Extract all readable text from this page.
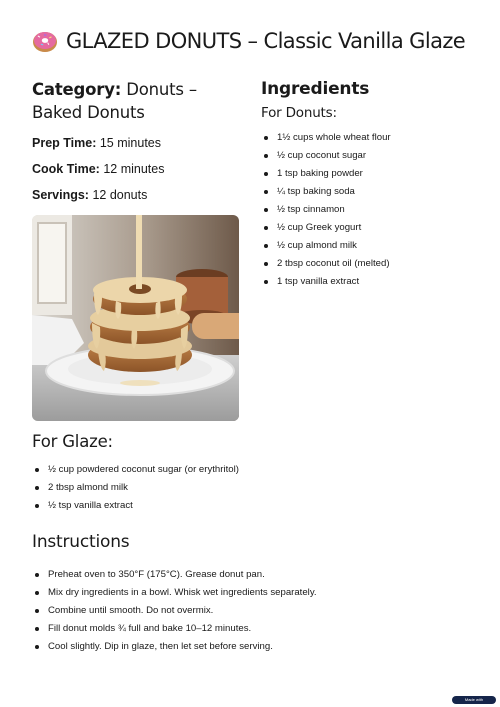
GLAZED DONUTS – Classic Vanilla Glaze
Category: Donuts – Baked Donuts
Prep Time: 15 minutes
Cook Time: 12 minutes
Servings: 12 donuts
Ingredients
For Donuts:
1½ cups whole wheat flour
½ cup coconut sugar
1 tsp baking powder
¼ tsp baking soda
½ tsp cinnamon
½ cup Greek yogurt
½ cup almond milk
2 tbsp coconut oil (melted)
1 tsp vanilla extract
For Glaze:
½ cup powdered coconut sugar (or erythritol)
2 tbsp almond milk
½ tsp vanilla extract
Instructions
Preheat oven to 350°F (175°C). Grease donut pan.
Mix dry ingredients in a bowl. Whisk wet ingredients separately.
Combine until smooth. Do not overmix.
Fill donut molds ¾ full and bake 10–12 minutes.
Cool slightly. Dip in glaze, then let set before serving.
Made with
